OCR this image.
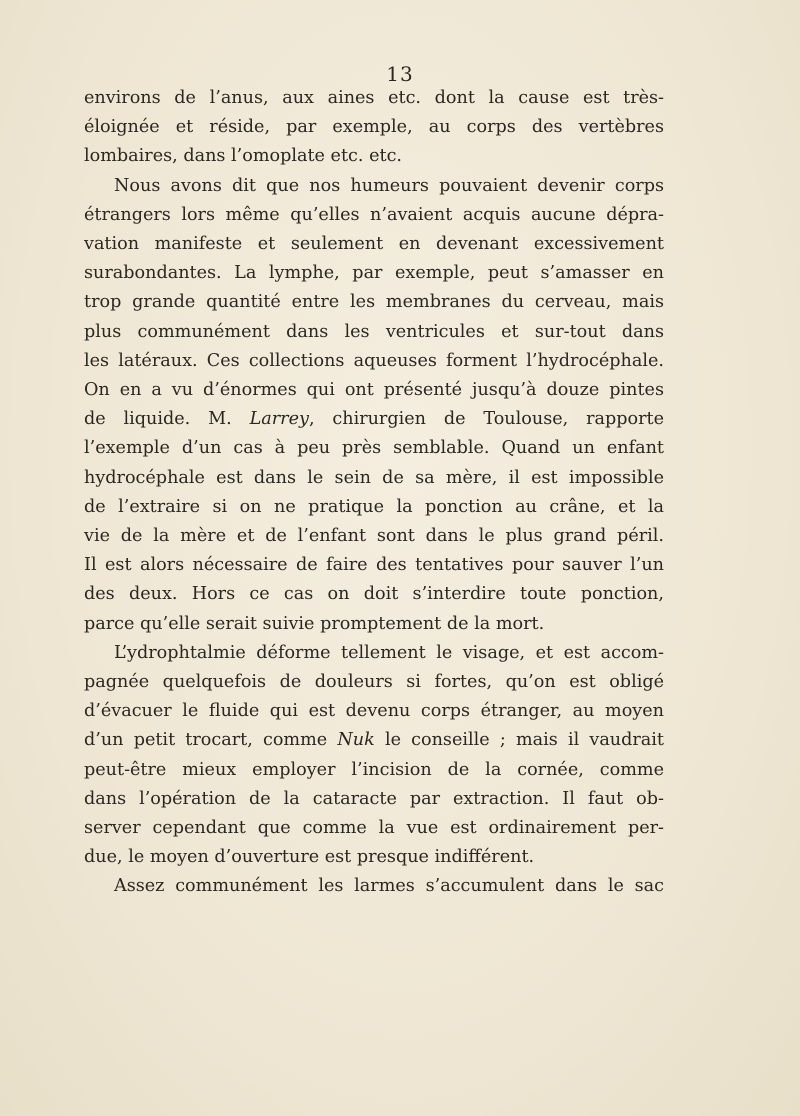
13
environs de l’anus, aux aines etc. dont la cause est très-
éloignée et réside, par exemple, au corps des vertèbres
lombaires, dans l’omoplate etc. etc.
Nous avons dit que nos humeurs pouvaient devenir corps
étrangers lors même qu’elles n’avaient acquis aucune dépra-
vation manifeste et seulement en devenant excessivement
surabondantes. La lymphe, par exemple, peut s’amasser en
trop grande quantité entre les membranes du cerveau, mais
plus communément dans les ventricules et sur-tout dans
les latéraux. Ces collections aqueuses forment l’hydrocéphale.
On en a vu d’énormes qui ont présenté jusqu’à douze pintes
de liquide. M. Larrey, chirurgien de Toulouse, rapporte
l’exemple d’un cas à peu près semblable. Quand un enfant
hydrocéphale est dans le sein de sa mère, il est impossible
de l’extraire si on ne pratique la ponction au crâne, et la
vie de la mère et de l’enfant sont dans le plus grand péril.
Il est alors nécessaire de faire des tentatives pour sauver l’un
des deux. Hors ce cas on doit s’interdire toute ponction,
parce qu’elle serait suivie promptement de la mort.
L’ydrophtalmie déforme tellement le visage, et est accom-
pagnée quelquefois de douleurs si fortes, qu’on est obligé
d’évacuer le fluide qui est devenu corps étranger, au moyen
d’un petit trocart, comme Nuk le conseille ; mais il vaudrait
peut-être mieux employer l’incision de la cornée, comme
dans l’opération de la cataracte par extraction. Il faut ob-
server cependant que comme la vue est ordinairement per-
due, le moyen d’ouverture est presque indifférent.
Assez communément les larmes s’accumulent dans le sac
